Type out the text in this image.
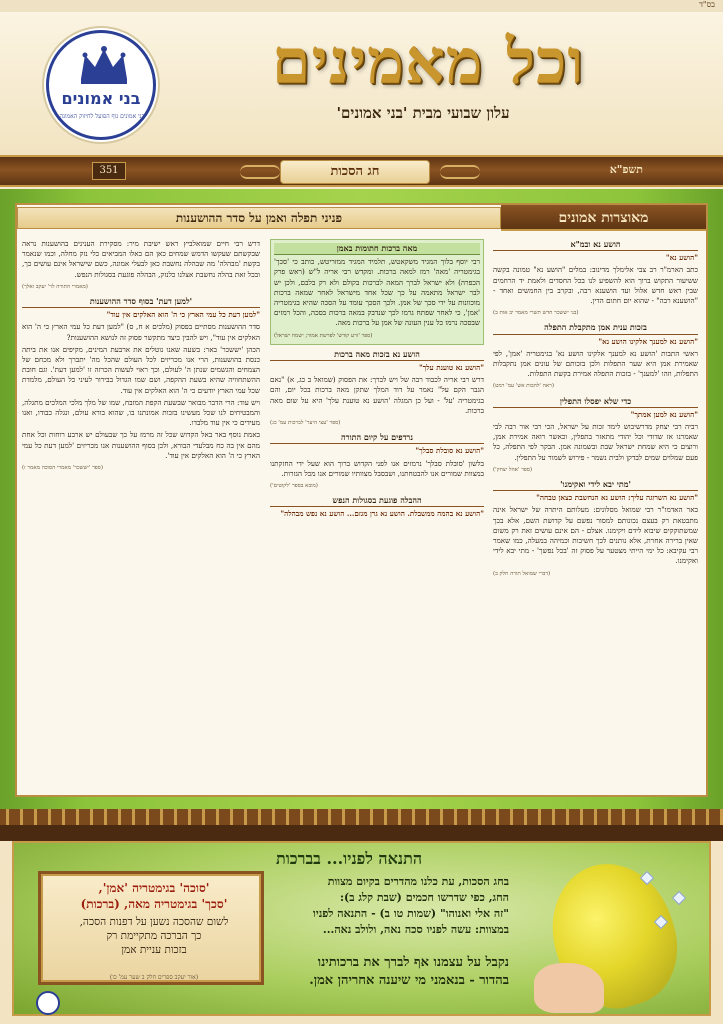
בס"ד
בני אמונים
בני אמונים גוף הפועל לחיזוק האמונה
וכל מאמינים
עלון שבועי מבית 'בני אמונים'
תשפ"א
חג הסכות
351
מאוצרות אמונים
פניני תפלה ואמן על סדר ההושענות
הושע נא ובמ"א
"הושע נא"
כתב הארמ"ר רב צבי אלימלך מדינוב: במלים "הושע נא" טמונה בקשה ששיעור התקוש ברוך הוא להשפיע לנו בכל החסדים ולאמת יד הרחמים שבין ראש חדש אלול ועד הושענא רבה, ובקרב בין החמשים ואחד - "הושענא רבה" - שהוא יום חתום הדין.
(בני יששכר חדש תשרי מאמר יב אות ב)
בזכות ענית אמן מתקבלת התפלה
"הושע נא למענך אלקינו הושע נא"
ראשי התבות 'הושע נא למענך אלקינו הושע נא' בגימטריה 'אמן', לפי שאמירת אמן היא שער התפלות ולכן בזכותם של עונים אמן נתקבלות התפלות, וזהו 'למענך' - בזכות התפלה אמירת בקשת התפלות.
(ראה 'להבות אש' עמ' רמט)
כדי שלא יפסלו התפלין
"הושע נא למען אמתך"
רביה רבי יצחק מדרשיבוש לימד זכות על ישראל, הכי רבי אור רבה לבי שאמרנו אז שדודי וכל יהודי מתאזר בתפלין, וכאשר רואה אמירת אמן, ורוצים כי היא שמחת ישראל שבת ובשמונה אמן. הבקר לפי התפלה, כל פעם שמלוים שמים לבדקן ולבית נשמר - פירוש לשמור על התפלין.
(ספר 'אהל יצחק')
'מתי יבא לידי ואקימנו'
"הושע נא השרוגה עליך: הושע נא הנחשבת כצאן טבחה"
באר האדמו"ר רבי שמואל מסלונים: מעלותם היתרה של ישראל אינה מתבטאת רק בעצם נכונותם למסור נפשם על קדושת השם, אלא בכך שמשתוקקים שיבוא לידם ויקימנו. אצלם - הם אינם עושים זאת רק משום שאין ברירה אחרת, אלא נותנים לכך חשיבות וכמיהה במעלה, כמו שאמר רבי עקיבא: כל ימי הייתי מצטער על פסוק זה 'בכל נפשך' - מתי יבא לידי ואקימנו.
(דברי שמואל תורה חלק ב)
מאה ברכות חתומות באמן
רבי יוסף בלוך המגיד משקאטש, תלמיד המגיד ממזריטש, כותב כי 'סכך' בגימטריה 'מאה' רמז למאה ברכות. ומקדש רבי אריה ל"ש (ראש פרק הכפרה) ולא ישראל לברך המאה לברכות בקולם ולא רק בלבם, ולכן יש לבר ישראל מתאמה על כך שכל אחד מישראל לאחר שמאה ברכות מוכוונות על ידי סכך של אמן. ולכך הסכך עומד על הסכה שהיא בגימטריה 'אמן', כי לאחר שפתח גרמו לכך שנדבק במאה ברכות בסכה, והכל רמזים שבסכה נרמז כל ענין העונה של אמן על ברכות מאה.
(ספר 'זרע קודש' לפרשת אמור; ישמח ישראל)
הושע נא בזכות מאה ברכות
"הושע נא טוענת עלך"
דרש רבי אריה לכבוד רבה של ויש לברך: את הפסוק (שמואל ב כג, א) "נאם הגבר הקם על" נאמר על דוד המלך שתקן מאה ברכות בכל יום, והם בגימטריה 'על' - ועל כן המגלה 'הושע נא טוענת עלך' היא על שום מאה ברכות.
(ספר 'עצי היער' לברכות עמ' כג)
נרדפים על קיום התורה
"הושע נא סובלת סבלך"
בלשון 'סובלת סבלך' נרמזים אנו לפני הקדוש ברוך הוא שעל ידי החזקתנו במצוות שמורים אנו להבטחתנו, ושבסבל מצוותיו שמורים אנו מכל הגזרות.
(מובא בספר 'לקוטים')
ההבלה פוגעת בסגולות הנפש
"הושע נא בהמה ממשבלת. הושע נא גרן מגזם... הושע נא נפש מבהלה"
דרש רבי חיים שמואלביץ ראש ישיבת מיר: מסקירת הענינים בהושענות נראה שבקשתם שעקשו הדמש שמחים כאן הם כאלו המביאים כלי נזק מחלה, וכמו שנאמר בקשת 'מבהלה' מה שבהלה נחשבת כאן לבעלי אמונה, כשם שישראל אינם עושים כך, ובכל זאת בהלה נחשבת אצלנו כלנזק, הבהלה פוגעת בסגולות הנפש.
(מאמרי התורה לר' יעקב ואלך)
'למען דעת' בסוף סדר ההושענות
"למען דעת כל עמי הארץ כי ה' הוא האלקים אין עוד"
סדר ההושענות מסתיים בפסוק (מלכים א ח, ס) "למען דעת כל עמי הארץ כי ה' הוא האלקים אין עוד", ויש להבין כיצד מתקשר פסוק זה לנושא ההושענות?
הכהן 'יששכר' באר: בשעה שאנו נוטלים את ארבעת המינים, מקיפים אנו את ביתה כנסת בהושענות, הרי אנו מכריזים לכל העולם שהכל מה' יתברך ולא מכחם של הצמחים והגשמים שנתן ה' לעולם, וכך ראוי לעשות הכרזה זו 'למען דעת'. וגם חובת ההשתחוויה שהיא בשעת ההקפה, ושם שמו הגדול בבירור לעיני כל העולם, מלמדת שכל עמי הארץ יודעים כי ה' הוא האלקים אין עוד.
ויש עוד: הרי הדבר מבואר שבשעת הקפת המזבח, שמו של מלך מלכי המלכים מתגלה, והמבטיחים לנו שכל מעשינו בזכות אמונתנו בו, שהוא בורא עולם, ונגלה כבודו, ואנו מעידים כי אין עוד מלבדו.
באמת נוסף באר באל הקדוש שכל זה מרמז על כך שבעולם יש ארבע רוחות וכל אחת מהם אין בה כח מבלעדי הבורא, ולכן בסוף ההושענות אנו מכריזים 'למען דעת כל עמי הארץ כי ה' הוא האלקים אין עוד'.
(ספר 'יששכר' מאמרי הסוכה מאמר ז)
התנאה לפניו... בברכות
בחג הסכות, עת כלנו מהדרים בקיום מצוות
החג, כפי שדרשו חכמים (שבת קלג ב):
"זה אלי ואנוהו" (שמות טו ב) - התנאה לפניו
במצוות: עשה לפניו סכה נאה, ולולב נאה...
נקבל על עצמנו אף לברך את ברכותינו
בהדור - בנאמני מי שיענה אחריהן אמן.
'סוכה' בגימטריה 'אמן',
'סכך' בגימטריה מאה, (ברכות)
לשום שהסכה נשען על דפנות הסכה,
כך הברכה מתקיימת רק
בזכות עניית אמן
(אור יעקב ספרים חלק ב שער עמ' כו)
